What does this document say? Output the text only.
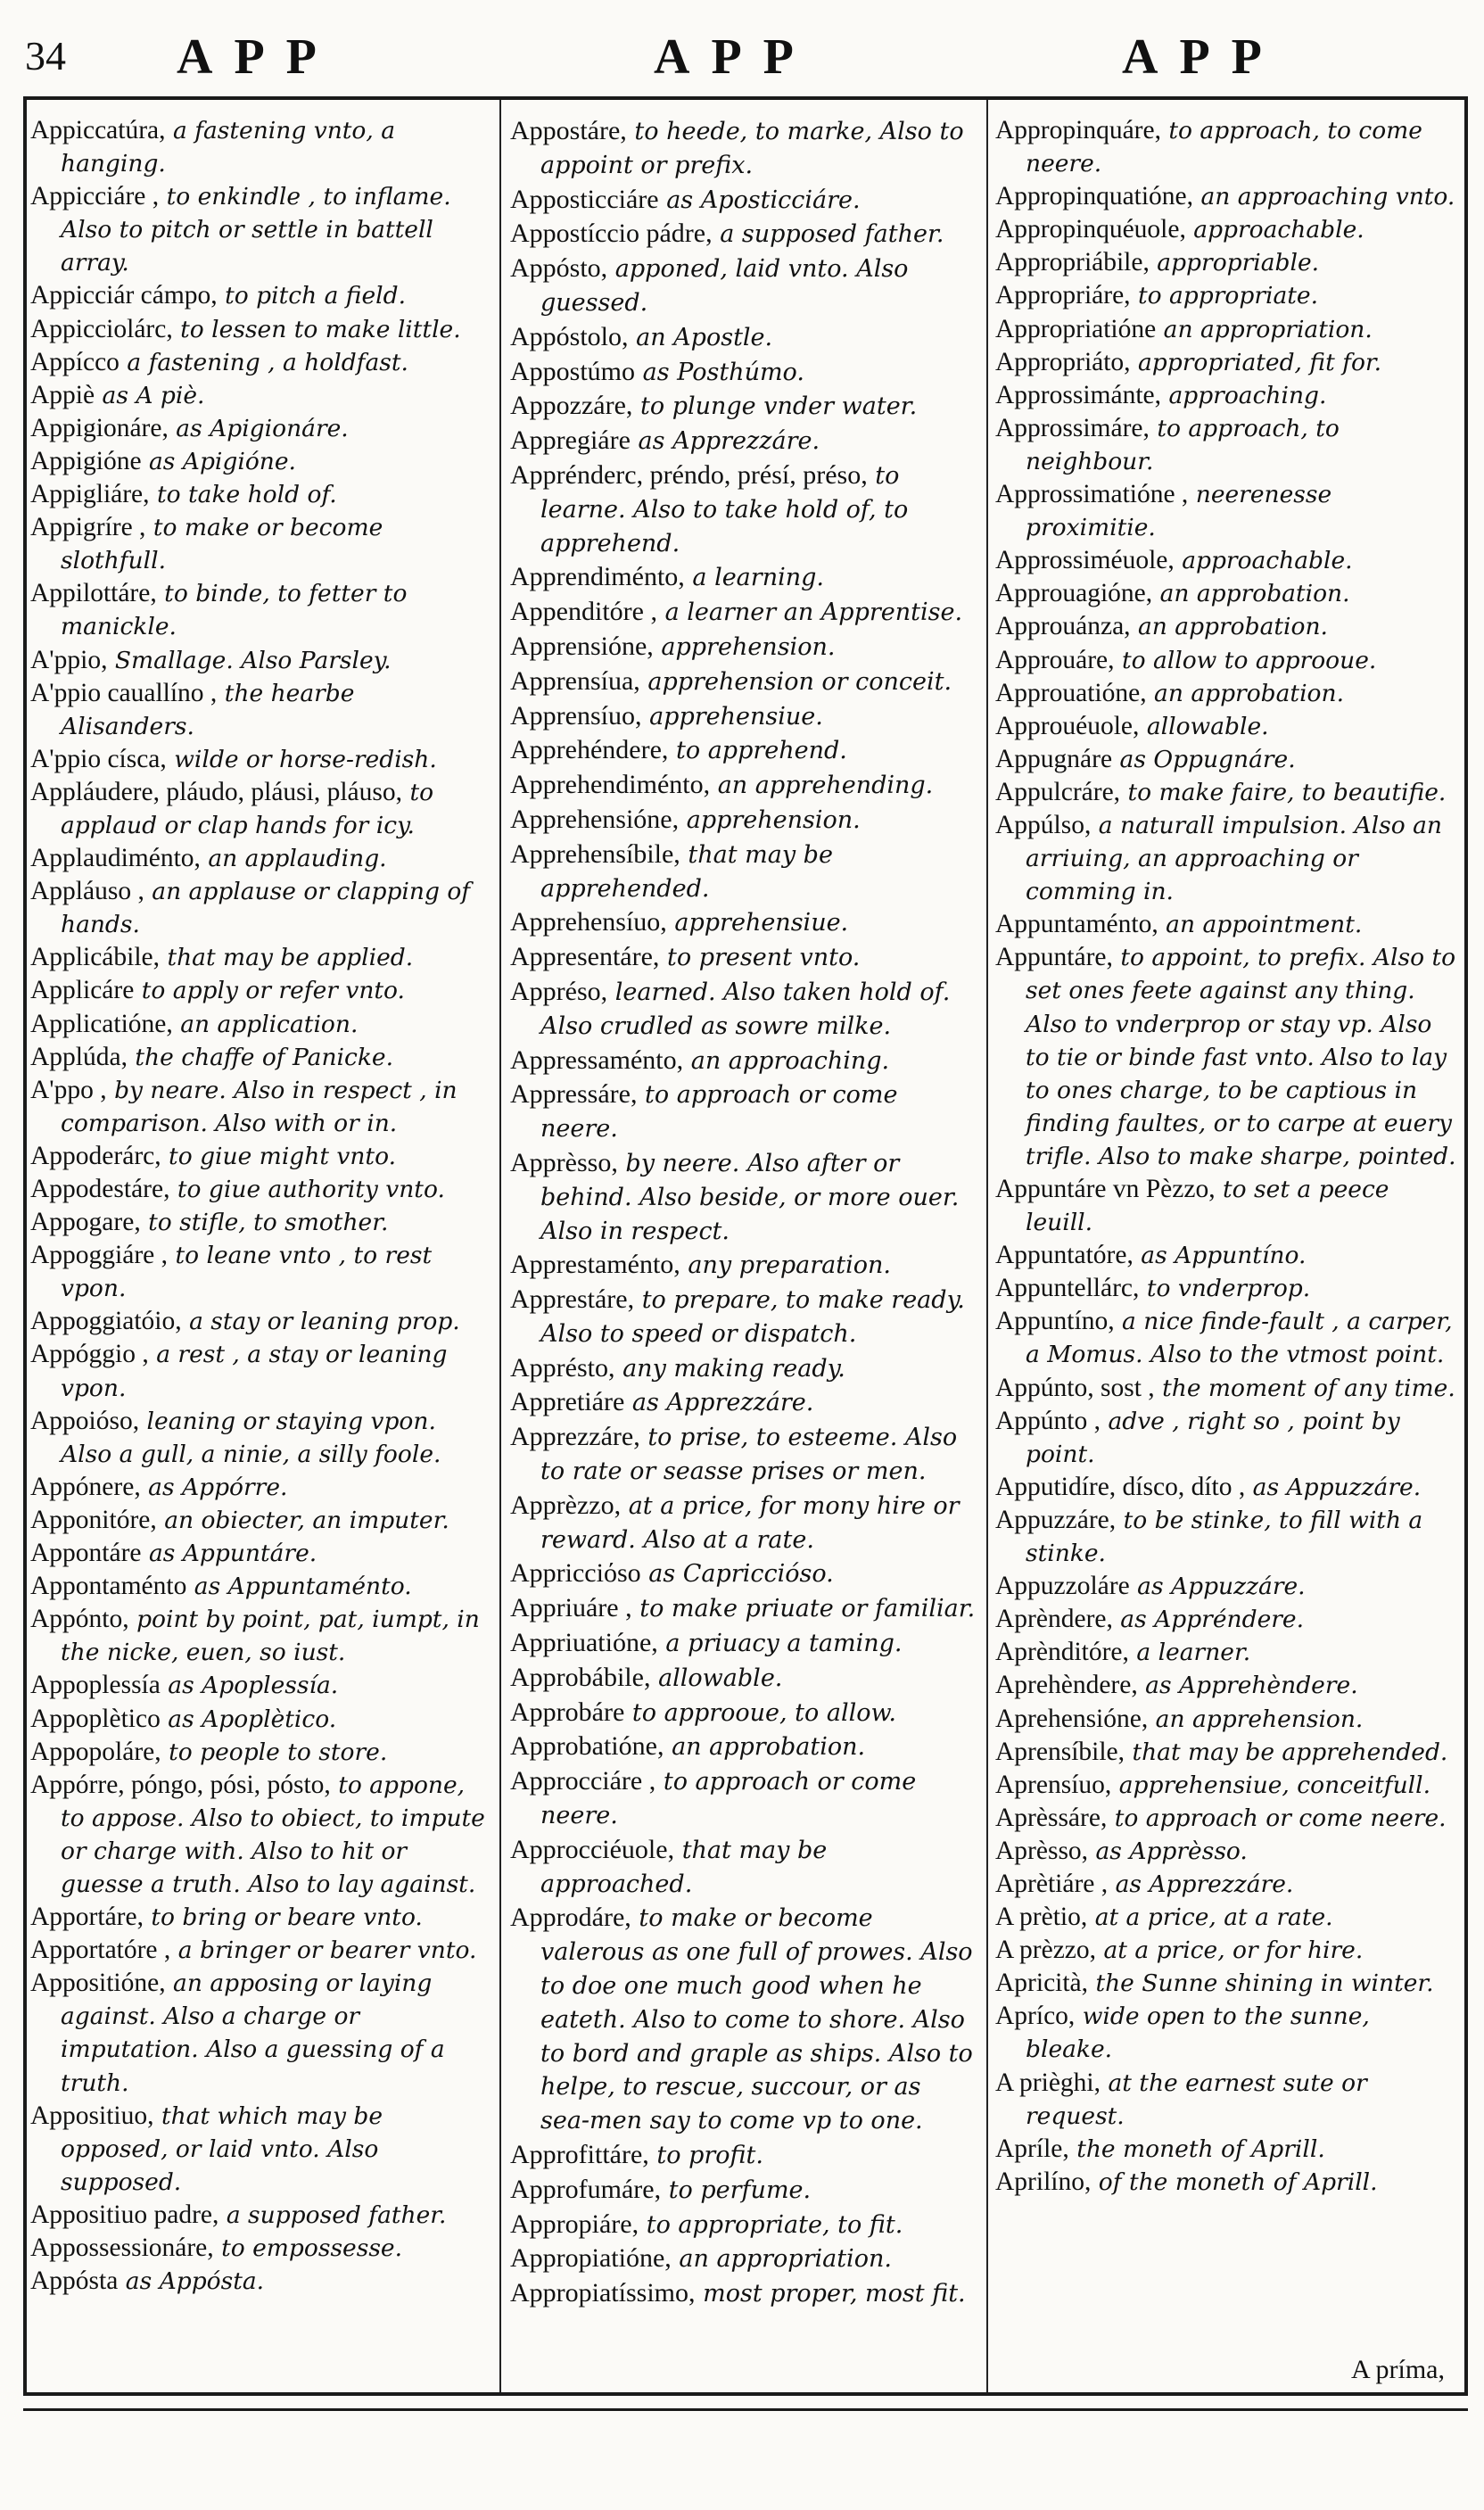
34 APP	APP	APP

Appiccatúra, a fastening vnto, a hanging.

Appicciáre , to enkindle , to inflame. Also to pitch or settle in battell array.

Appicciár cámpo, to pitch a field.

Appicciolárc, to lessen to make little.

Appícco a fastening , a holdfast.

Appiè as A piè.

Appigionáre, as Apigionáre.

Appigióne as Apigióne.

Appigliáre, to take hold of.

Appigríre , to make or become slothfull.

Appilottáre, to binde, to fetter to manickle.

A'ppio, Smallage. Also Parsley.

A'ppio cauallíno , the hearbe Alisanders.

A'ppio císca, wilde or horse-redish.

Appláudere, pláudo, pláusi, pláuso, to applaud or clap hands for icy.

Applaudiménto, an applauding.

Appláuso , an applause or clapping of hands.

Applicábile, that may be applied.

Applicáre to apply or refer vnto.

Applicatióne, an application.

Applúda, the chaffe of Panicke.

A'ppo , by neare. Also in respect , in comparison. Also with or in.

Appoderárc, to giue might vnto.

Appodestáre, to giue authority vnto.

Appogare, to stifle, to smother.

Appoggiáre , to leane vnto , to rest vpon.

Appoggiatóio, a stay or leaning prop.

Appóggio , a rest , a stay or leaning vpon.

Appoióso, leaning or staying vpon. Also a gull, a ninie, a silly foole.

Appónere, as Appórre.

Apponitóre, an obiecter, an imputer.

Appontáre as Appuntáre.

Appontaménto as Appuntaménto.

Appónto, point by point, pat, iumpt, in the nicke, euen, so iust.

Appoplessía as Apoplessía.

Appoplètico as Apoplètico.

Appopoláre, to people to store.

Appórre, póngo, pósi, pósto, to appone, to appose. Also to obiect, to impute or charge with. Also to hit or guesse a truth. Also to lay against.

Apportáre, to bring or beare vnto.

Apportatóre , a bringer or bearer vnto.

Appositióne, an apposing or laying against. Also a charge or imputation. Also a guessing of a truth.

Appositiuo, that which may be opposed, or laid vnto. Also supposed.

Appositiuo padre, a supposed father.

Appossessionáre, to empossesse.

Appósta as Appósta.

Appostáre, to heede, to marke, Also to appoint or prefix.

Apposticciáre as Aposticciáre.

Appostíccio pádre, a supposed father.

Appósto, apponed, laid vnto. Also guessed.

Appóstolo, an Apostle.

Appostúmo as Posthúmo.

Appozzáre, to plunge vnder water.

Appregiáre as Apprezzáre.

Apprénderc, préndo, présí, préso, to learne. Also to take hold of, to apprehend.

Apprendiménto, a learning.

Appenditóre , a learner an Apprentise.

Apprensióne, apprehension.

Apprensíua, apprehension or conceit.

Apprensíuo, apprehensiue.

Apprehéndere, to apprehend.

Apprehendiménto, an apprehending.

Apprehensióne, apprehension.

Apprehensíbile, that may be apprehended.

Apprehensíuo, apprehensiue.

Appresentáre, to present vnto.

Appréso, learned. Also taken hold of. Also crudled as sowre milke.

Appressaménto, an approaching.

Appressáre, to approach or come neere.

Apprèsso, by neere. Also after or behind. Also beside, or more ouer. Also in respect.

Apprestaménto, any preparation.

Apprestáre, to prepare, to make ready. Also to speed or dispatch.

Apprésto, any making ready.

Appretiáre as Apprezzáre.

Apprezzáre, to prise, to esteeme. Also to rate or seasse prises or men.

Apprèzzo, at a price, for mony hire or reward. Also at a rate.

Appricciόso as Capricciόso.

Appriuáre , to make priuate or familiar.

Appriuatióne, a priuacy a taming.

Approbábile, allowable.

Approbáre to approoue, to allow.

Approbatióne, an approbation.

Approcciáre , to approach or come neere.

Approcciéuole, that may be approached.

Approdáre, to make or become valerous as one full of prowes. Also to doe one much good when he eateth. Also to come to shore. Also to bord and graple as ships. Also to helpe, to rescue, succour, or as sea-men say to come vp to one.

Approfittáre, to profit.

Approfumáre, to perfume.

Appropiáre, to appropriate, to fit.

Appropiatióne, an appropriation.

Appropiatíssimo, most proper, most fit.

Appropinquáre, to approach, to come neere.

Appropinquatióne, an approaching vnto.

Appropinquéuole, approachable.

Appropriábile, appropriable.

Appropriáre, to appropriate.

Appropriatióne an appropriation.

Appropriáto, appropriated, fit for.

Approssimánte, approaching.

Approssimáre, to approach, to neighbour.

Approssimatióne , neerenesse proximitie.

Approssiméuole, approachable.

Approuagióne, an approbation.

Approuánza, an approbation.

Approuáre, to allow to approoue.

Approuatióne, an approbation.

Approuéuole, allowable.

Appugnáre as Oppugnáre.

Appulcráre, to make faire, to beautifie.

Appúlso, a naturall impulsion. Also an arriuing, an approaching or comming in.

Appuntaménto, an appointment.

Appuntáre, to appoint, to prefix. Also to set ones feete against any thing. Also to vnderprop or stay vp. Also to tie or binde fast vnto. Also to lay to ones charge, to be captious in finding faultes, or to carpe at euery trifle. Also to make sharpe, pointed.

Appuntáre vn Pèzzo, to set a peece leuill.

Appuntatóre, as Appuntíno.

Appuntellárc, to vnderprop.

Appuntíno, a nice finde-fault , a carper, a Momus. Also to the vtmost point.

Appúnto, sost , the moment of any time.

Appúnto , adve , right so , point by point.

Apputidíre, dísco, díto , as Appuzzáre.

Appuzzáre, to be stinke, to fill with a stinke.

Appuzzoláre as Appuzzáre.

Aprèndere, as Appréndere.

Aprènditóre, a learner.

Aprehèndere, as Apprehèndere.

Aprehensióne, an apprehension.

Aprensíbile, that may be apprehended.

Aprensíuo, apprehensiue, conceitfull.

Aprèssáre, to approach or come neere.

Aprèsso, as Apprèsso.

Aprètiáre , as Apprezzáre.

A prètio, at a price, at a rate.

A prèzzo, at a price, or for hire.

Apricità, the Sunne shining in winter.

Apríco, wide open to the sunne, bleake.

A prièghi, at the earnest sute or request.

Apríle, the moneth of Aprill.

Aprilíno, of the moneth of Aprill.

A príma,
